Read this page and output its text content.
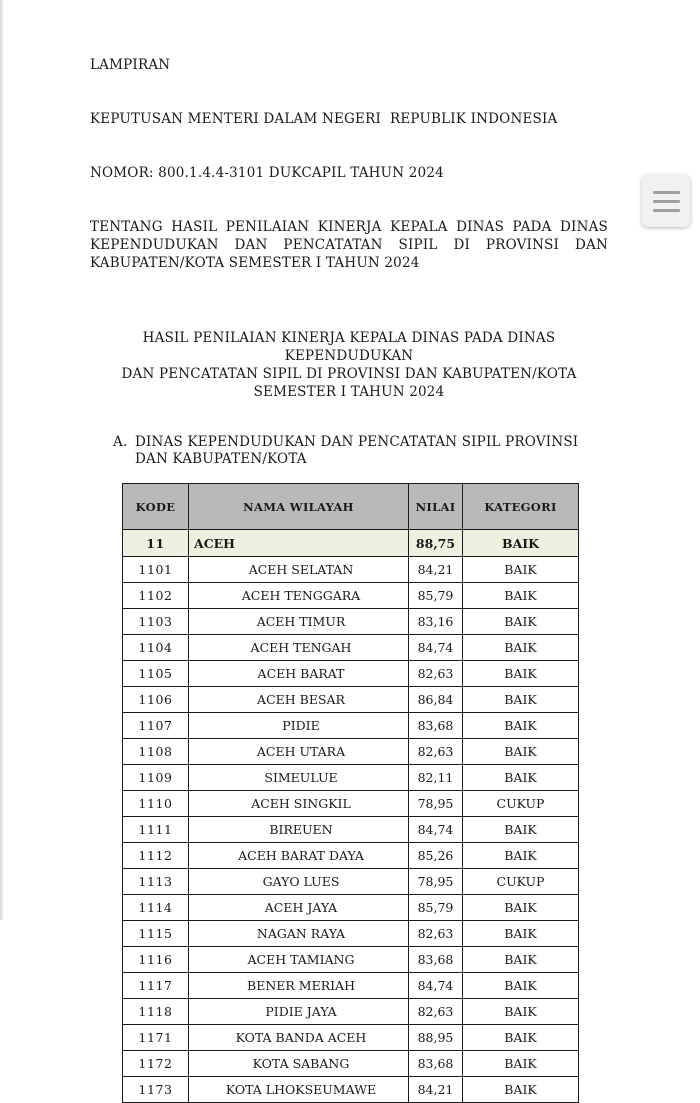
LAMPIRAN

KEPUTUSAN MENTERI DALAM NEGERI  REPUBLIK INDONESIA

NOMOR: 800.1.4.4-3101 DUKCAPIL TAHUN 2024

TENTANG HASIL PENILAIAN KINERJA KEPALA DINAS PADA DINAS KEPENDUDUKAN DAN PENCATATAN SIPIL DI PROVINSI DAN KABUPATEN/KOTA SEMESTER I TAHUN 2024

HASIL PENILAIAN KINERJA KEPALA DINAS PADA DINAS KEPENDUDUKAN
DAN PENCATATAN SIPIL DI PROVINSI DAN KABUPATEN/KOTA
SEMESTER I TAHUN 2024
A. DINAS KEPENDUDUKAN DAN PENCATATAN SIPIL PROVINSI
DAN KABUPATEN/KOTA
KODE	NAMA WILAYAH	NILAI	KATEGORI
11	ACEH	88,75	BAIK
1101	ACEH SELATAN	84,21	BAIK
1102	ACEH TENGGARA	85,79	BAIK
1103	ACEH TIMUR	83,16	BAIK
1104	ACEH TENGAH	84,74	BAIK
1105	ACEH BARAT	82,63	BAIK
1106	ACEH BESAR	86,84	BAIK
1107	PIDIE	83,68	BAIK
1108	ACEH UTARA	82,63	BAIK
1109	SIMEULUE	82,11	BAIK
1110	ACEH SINGKIL	78,95	CUKUP
1111	BIREUEN	84,74	BAIK
1112	ACEH BARAT DAYA	85,26	BAIK
1113	GAYO LUES	78,95	CUKUP
1114	ACEH JAYA	85,79	BAIK
1115	NAGAN RAYA	82,63	BAIK
1116	ACEH TAMIANG	83,68	BAIK
1117	BENER MERIAH	84,74	BAIK
1118	PIDIE JAYA	82,63	BAIK
1171	KOTA BANDA ACEH	88,95	BAIK
1172	KOTA SABANG	83,68	BAIK
1173	KOTA LHOKSEUMAWE	84,21	BAIK
